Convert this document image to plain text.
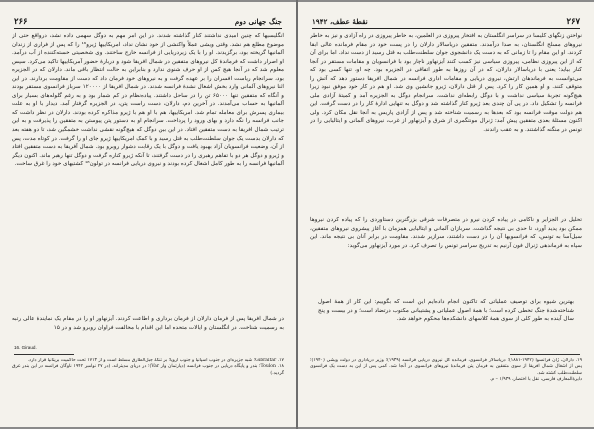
۲۶۶	جنگ جهانی دوم

انگلیسیها که چنین امیدی نداشتند کنار گذاشته شدند. در این امر مهم به دوگل سهمی داده نشد، درواقع حتی از موضوع مطلع هم نشد. وقتی ویشی عملاً واکنشی از خود نشان نداد، امریکاییها ژیرو¹⁶ را که پس از فراری از زندان آلمانیها گریخته بود، برگزیدند. او را با یک زیردریایی از فرانسه خارج ساختند. وی شخصیتی خسته‌کننده از آب درآمد. او اصرار داشت که فرماندهٔ کل نیروهای متفقین در شمال افریقا شود و دربارهٔ حضور آمریکاییها تاکید می‌کرد. سپس معلوم شد که در آنجا هیچ کس از او حرف شنوی ندارد و بنابراین به حالت انتظار باقی ماند. دارلان که در الجزیره بود، سرانجام ریاست افسران را بر عهده گرفت و به نیروهای خود فرمان داد که دست از مقاومت بردارند. در این اثنا نیروهای آلمانی وارد بخش اشغال نشدهٔ فرانسه شدند. در شمال افریقا از ۱۲۰۰۰۰ سرباز فرانسوی مستقر بودند و آنگاه که متفقین تنها ۶۵۰۰۰ تن را در ساحل داشتند. پیاده‌نظام در کم شمار بود و به رغم گلوله‌های بسیار برای آلمانیها به حساب می‌آمدند. در آخرین دم، دارلان، دست راست پتن، در الجزیره گرفتار آمد. دیدار با او به علت بیماری پسرش برای معامله تمام شد. امریکاییها، هم با او هم با ژیرو مذاکره کرده بودند. دارلان در نظر داشت که جانب فرانسه را نگه دارد و بهای ورود را پرداخت. سرانجام او به دستور پتن پیوستن به متفقین را پذیرفت و به این ترتیب شمال افریقا به دست متفقین افتاد. در این بین دوگل که هیچ‌گونه نقشی نداشت خشمگین شد، تا دو هفته بعد که دارلان بدست یک جوان سلطنت‌طلب به قتل رسید و با کمک امریکاییها ژیرو جای او را گرفت. در کوتاه مدت، پس از آن، وضعیت فرانسویان آزاد بهبود یافت و دوگل با یک رقابت دشوار روبرو بود. شمال آفریقا به دست متفقین افتاد و ژیرو و دوگل هر دو با تفاهم رهبری را در دست گرفتند، تا آنکه ژیرو کناره گرفت و دوگل تنها رهبر ماند. اکنون دیگر آلمانیها فرانسه را به طور کامل اشغال کرده بودند و نیروی دریایی فرانسه در تولون¹⁸ کشتیهای خود را غرق ساخت.

در شمال افریقا پس از فرمان دارلان از فرمان برداری و اطاعت کردند. آیزنهاور او را در مقام یک نمایندهٔ عالی رتبه به رسمیت شناخت. در انگلستان و ایالات متحده اما این اقدام با مخالفت فراوان روبرو شد و در ۱۵

16. Giraud.

۱۷. Gibraltar؛ شبه جزیره‌ای در جنوب اسپانیا و جنوب اروپا؛ بر تنگهٔ جبل‌الطارق مسلط است و از ۱۷۱۳ تحت حاکمیت بریتانیا قرار دارد.

۱۸. Toulon؛ بندر و پایگاه دریایی در جنوب فرانسه (دپارتمان وار Var)؛ در دریای مدیترانه. (در ۲۷ نوامبر ۱۹۴۲ ناوگان فرانسه در این بندر غرق گردید.)

نقطهٔ عطف، ۱۹۴۲	۲۶۷

نواختن زنگهای کلیسا در سراسر انگلستان به افتخار پیروزی در العلمین، به خاطر پیروزی در راه آزادی و نیز به خاطر نیروهای مسلح انگلستان، به صدا درآمدند. متفقین دریاسالار دارلان را در پست خود در مقام فرمانده عالی ابقا کردند. او این مقام را تا زمانی که به دست یک دانشجوی جوان سلطنت‌طلب به قتل رسید از دست نداد. اما برای آن که از این پیروزی نظامی، پیروزی سیاسی نیز کسب کنند آیزنهاور ناچار بود با فرانسویان و مقامات مستقر در آنجا کنار بیاید؛ یعنی با دریاسالار دارلان، که در آن روزها به طور اتفاقی در الجزیره بود. چه او، تنها کسی بود که می‌توانست به فرماندهان ارتش، نیروی دریایی و مقامات اداری فرانسه در شمال افریقا دستور دهد که آتش را متوقف کنند. و او همین کار را کرد. پس از قتل دارلان، ژیرو جانشین وی شد. او هم در کار خود موفق نبود زیرا هیچ‌گونه تجربهٔ سیاسی نداشت و با دوگل رابطه‌ای نداشت. سرانجام دوگل به الجزیره آمد و کمیتهٔ آزادی ملی فرانسه را تشکیل داد. در پی آن چندی بعد ژیرو کنار گذاشته شد و دوگل به تنهایی ادارهٔ کار را در دست گرفت. این هم دولت موقت فرانسه بود که بعدها به رسمیت شناخته شد و پس از آزادی پاریس به آنجا نقل مکان کرد. ولی اکنون مسئلهٔ بعدی متفقین پیش آمد: ژنرال مونتگمری از شرق و آیزنهاور از غرب، نیروهای آلمانی و ایتالیایی را در تونس در منگنه گذاشتند. و به عقب راندند.

تحلیل در الجزایر و ناکامی در پیاده کردن نیرو در متصرفات شرقی بزرگترین دستاوردی را که پیاده کردن نیروها ممکن بود پدید آورد، تا حدی بی نتیجه گذاشت. سربازان آلمانی و ایتالیایی همزمان با آغاز پیشروی نیروهای متفقین، سیل‌آسا به تونس، که فرانسویها آن را در دست داشتند، سرازیر شدند. مقاومت در برابر آنان بی نتیجه ماند. این سپاه به فرماندهی ژنرال فون آرنیم به تدریج سراسر تونس را تصرف کرد. در مورد آیزنهاور می‌گوید:

بهترین شیوه برای توصیف عملیاتی که تاکنون انجام داده‌ایم این است که بگوییم: این کار از همهٔ اصول شناخته‌شدهٔ جنگ تخطی کرده است؛ با همهٔ اصول عملیاتی و پشتیبانی مکتوب درتضاد است؛ و در بیست و پنج سال آینده به طور کلی از سوی همهٔ کلاسهای دانشکده‌ها محکوم خواهد شد.

۱۹. دارلان، ژان فرانسوا (۱۹۴۲-۱۸۸۱)؛ دریاسالار فرانسوی، فرمانده کل نیروی دریایی فرانسه (۱۹۳۹)؛ وزیر دریاداری در دولت ویشی (۱۹۴۰)؛ پس از اشغال شمال افریقا از سوی متفقین به فرمان پتن فرماندهٔ نیروهای فرانسوی در آنجا شد. کمی پس از این به دست یک فرانسوی سلطنت‌طلب کشته شد.

دایرةالمعارف فارسی، نقل با اختصار، ۱/۹۳۹ – م.
